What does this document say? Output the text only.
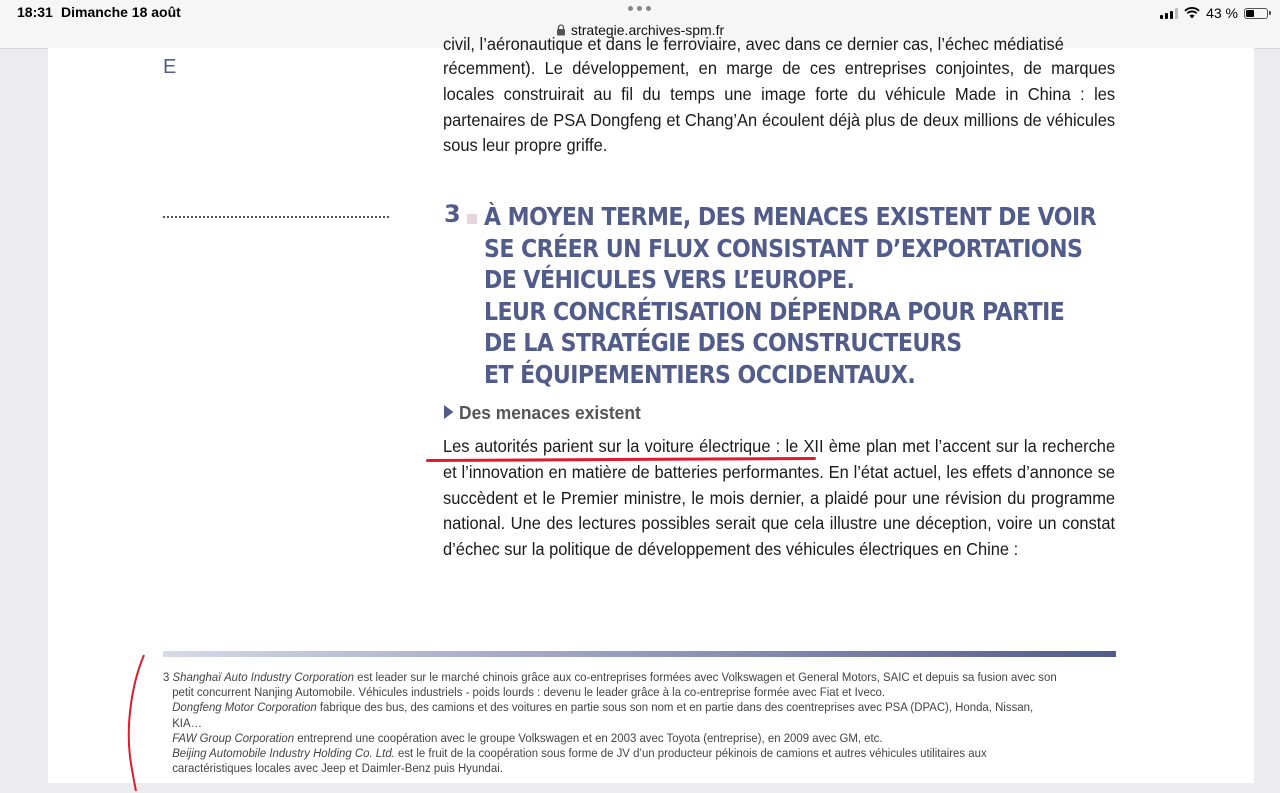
18:31 Dimanche 18 août
strategie.archives-spm.fr
43 %
civil, l’aéronautique et dans le ferroviaire, avec dans ce dernier cas, l’échec médiatisé
E	récemment). Le développement, en marge de ces entreprises conjointes, de marques locales construirait au fil du temps une image forte du véhicule Made in China : les partenaires de PSA Dongfeng et Chang’An écoulent déjà plus de deux millions de véhicules sous leur propre griffe.

3 À MOYEN TERME, DES MENACES EXISTENT DE VOIR
SE CRÉER UN FLUX CONSISTANT D’EXPORTATIONS
DE VÉHICULES VERS L’EUROPE.
LEUR CONCRÉTISATION DÉPENDRA POUR PARTIE
DE LA STRATÉGIE DES CONSTRUCTEURS
ET ÉQUIPEMENTIERS OCCIDENTAUX.
Des menaces existent

Les autorités parient sur la voiture électrique : le XII ème plan met l’accent sur la recherche et l’innovation en matière de batteries performantes. En l’état actuel, les effets d’annonce se succèdent et le Premier ministre, le mois dernier, a plaidé pour une révision du programme national. Une des lectures possibles serait que cela illustre une déception, voire un constat d’échec sur la politique de développement des véhicules électriques en Chine :

3 Shanghaï Auto Industry Corporation est leader sur le marché chinois grâce aux co-entreprises formées avec Volkswagen et General Motors, SAIC et depuis sa fusion avec son
petit concurrent Nanjing Automobile. Véhicules industriels - poids lourds : devenu le leader grâce à la co-entreprise formée avec Fiat et Iveco.
Dongfeng Motor Corporation fabrique des bus, des camions et des voitures en partie sous son nom et en partie dans des coentreprises avec PSA (DPAC), Honda, Nissan,
KIA…
FAW Group Corporation entreprend une coopération avec le groupe Volkswagen et en 2003 avec Toyota (entreprise), en 2009 avec GM, etc.
Beijing Automobile Industry Holding Co. Ltd. est le fruit de la coopération sous forme de JV d’un producteur pékinois de camions et autres véhicules utilitaires aux
caractéristiques locales avec Jeep et Daimler-Benz puis Hyundai.
